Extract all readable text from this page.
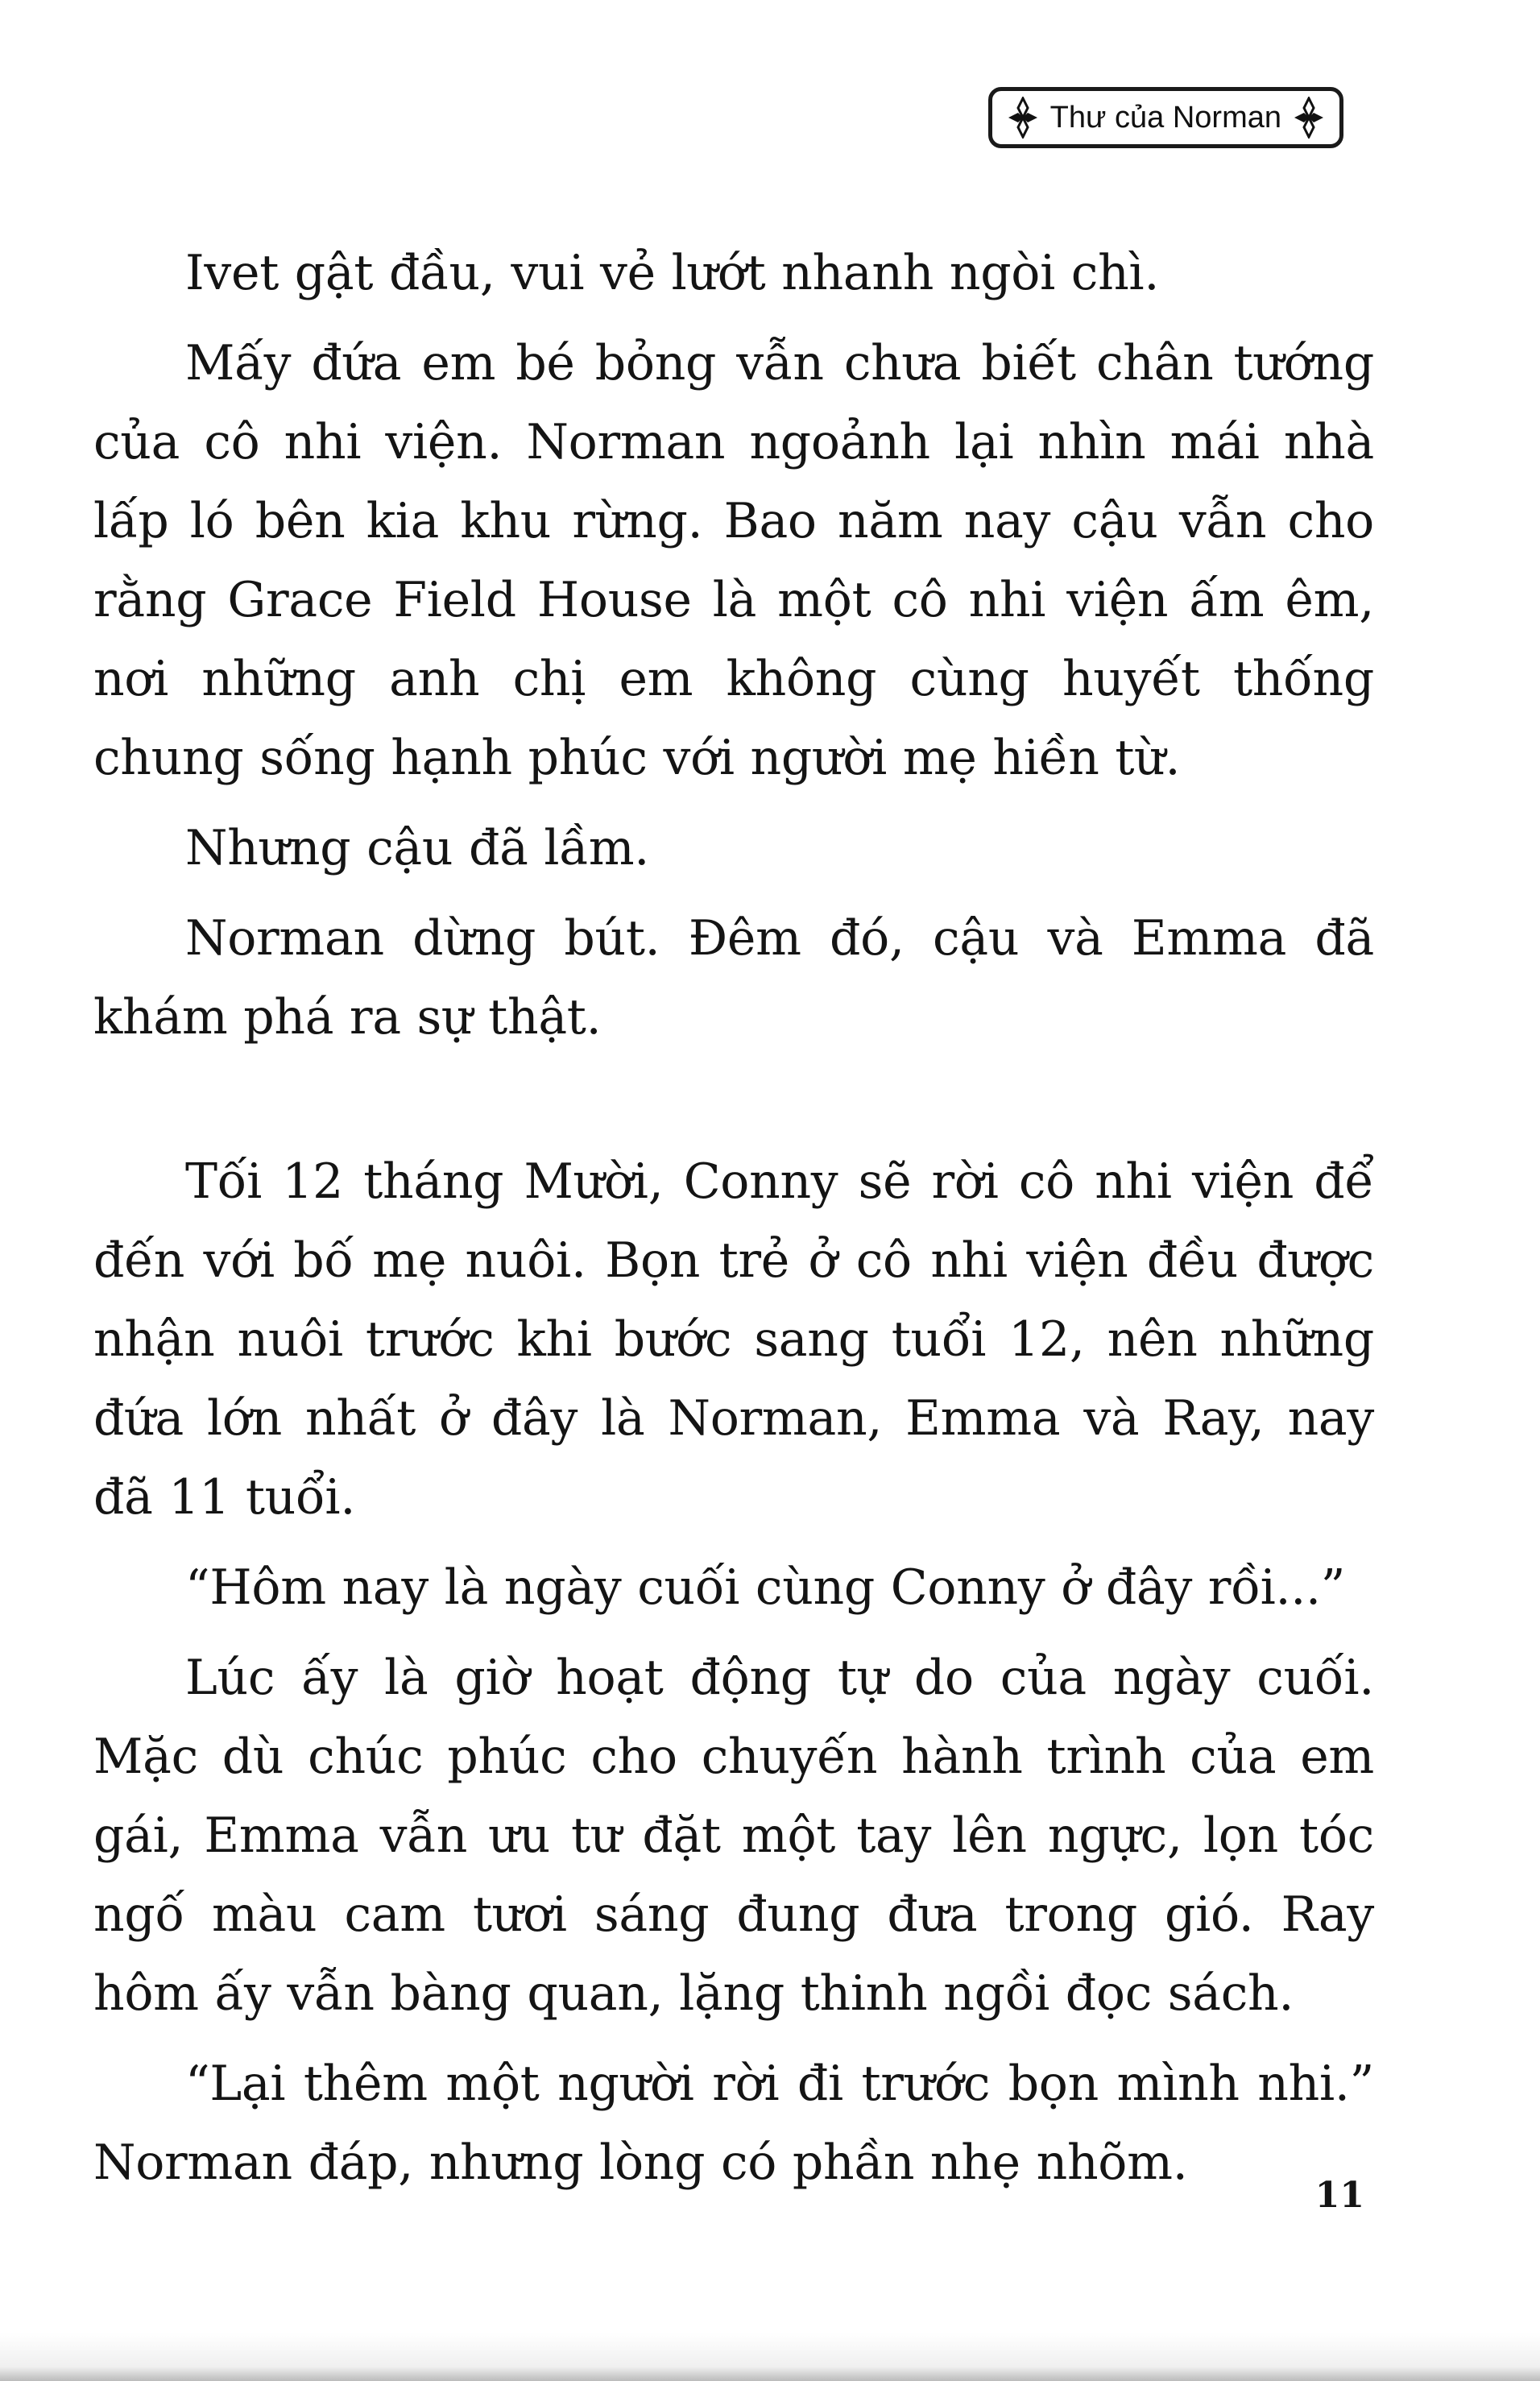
Thư của Norman

Ivet gật đầu, vui vẻ lướt nhanh ngòi chì.

Mấy đứa em bé bỏng vẫn chưa biết chân tướng của cô nhi viện. Norman ngoảnh lại nhìn mái nhà lấp ló bên kia khu rừng. Bao năm nay cậu vẫn cho rằng Grace Field House là một cô nhi viện ấm êm, nơi những anh chị em không cùng huyết thống chung sống hạnh phúc với người mẹ hiền từ.

Nhưng cậu đã lầm.

Norman dừng bút. Đêm đó, cậu và Emma đã khám phá ra sự thật.

Tối 12 tháng Mười, Conny sẽ rời cô nhi viện để đến với bố mẹ nuôi. Bọn trẻ ở cô nhi viện đều được nhận nuôi trước khi bước sang tuổi 12, nên những đứa lớn nhất ở đây là Norman, Emma và Ray, nay đã 11 tuổi.

“Hôm nay là ngày cuối cùng Conny ở đây rồi...”

Lúc ấy là giờ hoạt động tự do của ngày cuối. Mặc dù chúc phúc cho chuyến hành trình của em gái, Emma vẫn ưu tư đặt một tay lên ngực, lọn tóc ngố màu cam tươi sáng đung đưa trong gió. Ray hôm ấy vẫn bàng quan, lặng thinh ngồi đọc sách.

“Lại thêm một người rời đi trước bọn mình nhi.” Norman đáp, nhưng lòng có phần nhẹ nhõm.

11
